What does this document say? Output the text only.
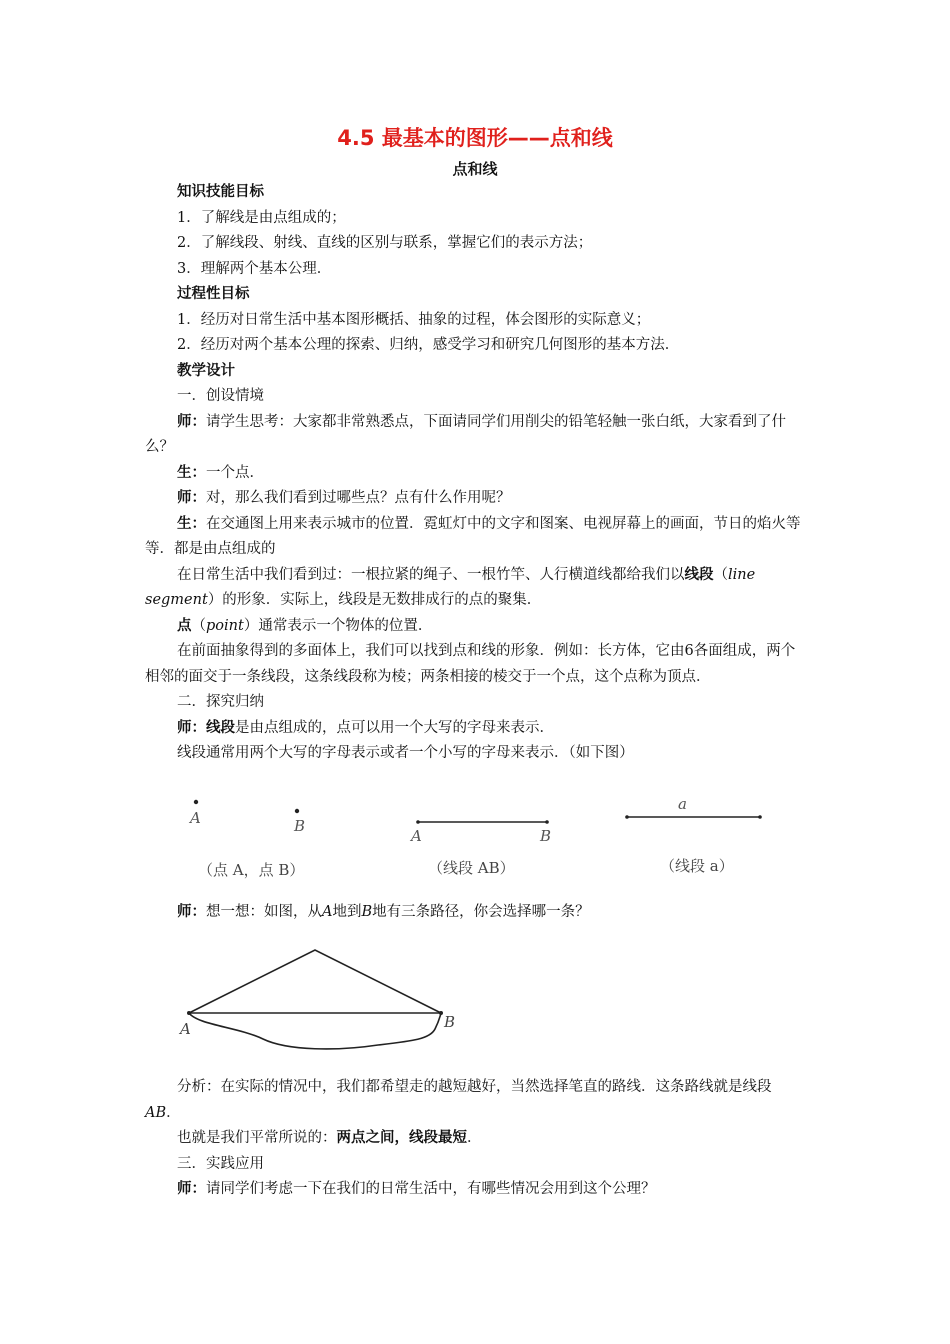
4.5 最基本的图形——点和线
点和线

知识技能目标

1．了解线是由点组成的；

2．了解线段、射线、直线的区别与联系，掌握它们的表示方法；

3．理解两个基本公理．

过程性目标

1．经历对日常生活中基本图形概括、抽象的过程，体会图形的实际意义；

2．经历对两个基本公理的探索、归纳，感受学习和研究几何图形的基本方法．

教学设计

一．创设情境

师：请学生思考：大家都非常熟悉点，下面请同学们用削尖的铅笔轻触一张白纸，大家看到了什么？

生：一个点．

师：对，那么我们看到过哪些点？点有什么作用呢？

生：在交通图上用来表示城市的位置．霓虹灯中的文字和图案、电视屏幕上的画面，节日的焰火等等．都是由点组成的

在日常生活中我们看到过：一根拉紧的绳子、一根竹竿、人行横道线都给我们以线段（line segment）的形象．实际上，线段是无数排成行的点的聚集．

点（point）通常表示一个物体的位置．

在前面抽象得到的多面体上，我们可以找到点和线的形象．例如：长方体，它由6各面组成，两个相邻的面交于一条线段，这条线段称为棱；两条相接的棱交于一个点，这个点称为顶点．

二．探究归纳

师：线段是由点组成的，点可以用一个大写的字母来表示．

线段通常用两个大写的字母表示或者一个小写的字母来表示．（如下图）

师：想一想：如图，从A地到B地有三条路径，你会选择哪一条？

分析：在实际的情况中，我们都希望走的越短越好，当然选择笔直的路线．这条路线就是线段AB．

也就是我们平常所说的：两点之间，线段最短．

三．实践应用

师：请同学们考虑一下在我们的日常生活中，有哪些情况会用到这个公理？

A	B
（点 A，点 B）
A	B
（线段 AB）
a
（线段 a）
A	B
